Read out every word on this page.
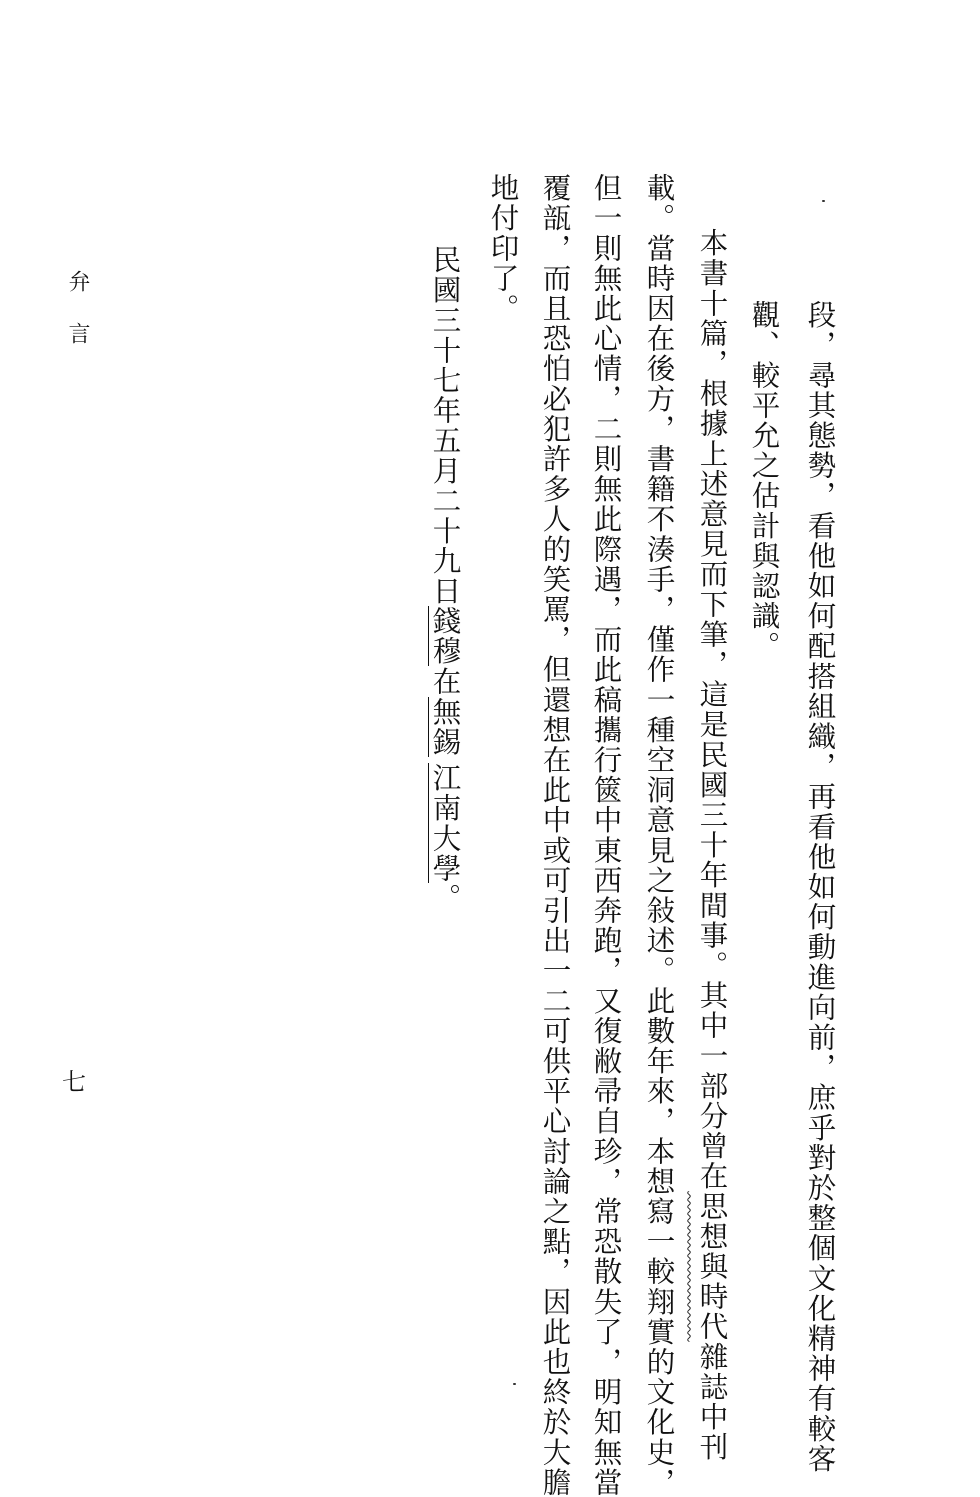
段，尋其態勢，看他如何配搭組織，再看他如何動進向前，庶乎對於整個文化精神有較客
觀、較平允之估計與認識。
本書十篇，根據上述意見而下筆，這是民國三十年間事。其中一部分曾在思想與時代雜誌中刊
載。當時因在後方，書籍不湊手，僅作一種空洞意見之敍述。此數年來，本想寫一較翔實的文化史，
但一則無此心情，二則無此際遇，而此稿攜行篋中東西奔跑，又復敝帚自珍，常恐散失了，明知無當
覆瓿，而且恐怕必犯許多人的笑罵，但還想在此中或可引出一二可供平心討論之點，因此也終於大膽
地付印了。
民國三十七年五月二十九日錢穆在無錫江南大學。
弁言
七
